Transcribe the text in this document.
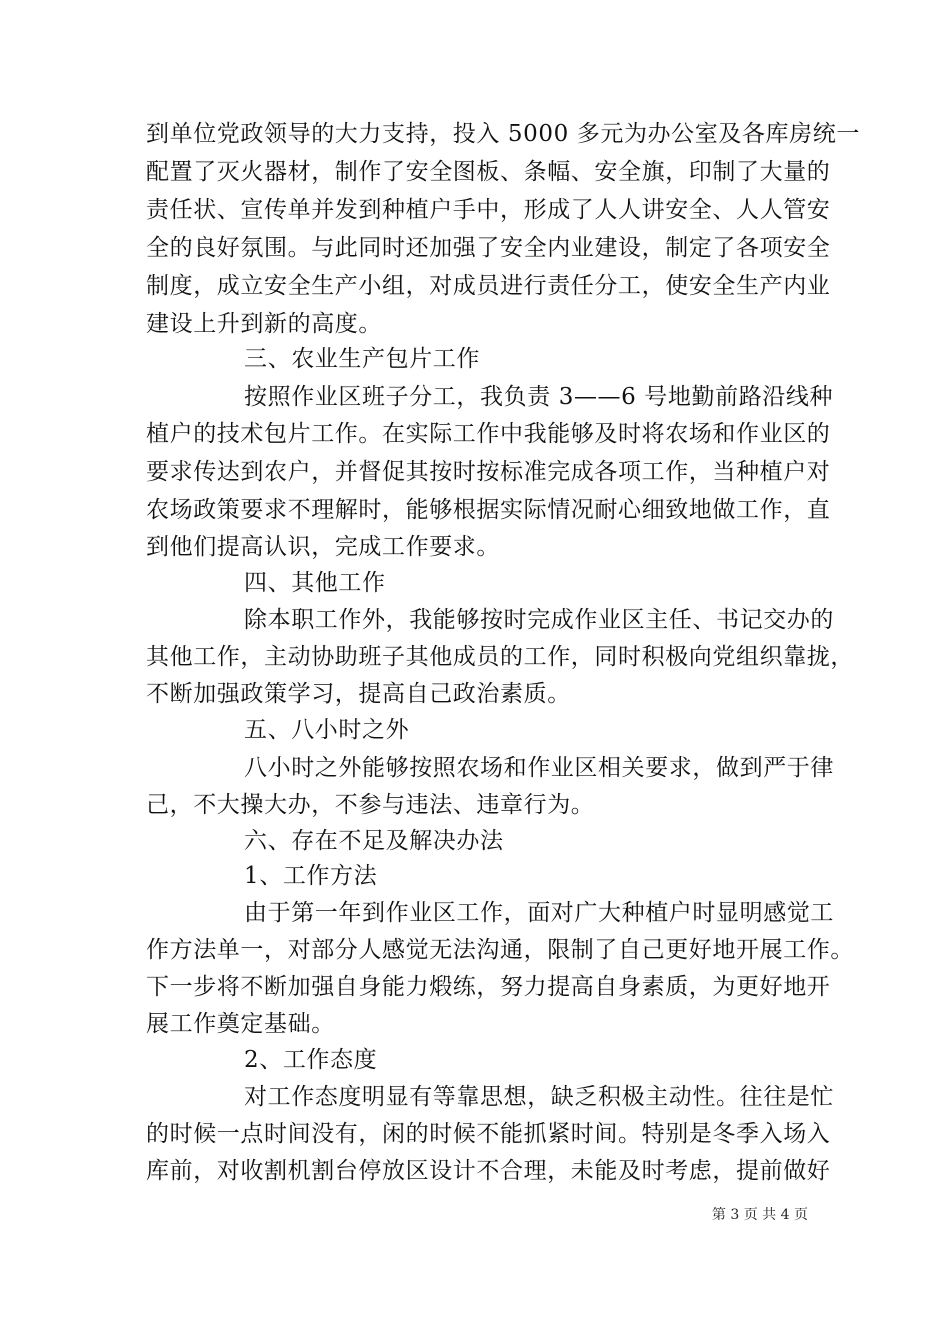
到单位党政领导的大力支持，投入 5000 多元为办公室及各库房统一
配置了灭火器材，制作了安全图板、条幅、安全旗，印制了大量的
责任状、宣传单并发到种植户手中，形成了人人讲安全、人人管安
全的良好氛围。与此同时还加强了安全内业建设，制定了各项安全
制度，成立安全生产小组，对成员进行责任分工，使安全生产内业
建设上升到新的高度。
三、农业生产包片工作
按照作业区班子分工，我负责 3——6 号地勤前路沿线种
植户的技术包片工作。在实际工作中我能够及时将农场和作业区的
要求传达到农户，并督促其按时按标准完成各项工作，当种植户对
农场政策要求不理解时，能够根据实际情况耐心细致地做工作，直
到他们提高认识，完成工作要求。
四、其他工作
除本职工作外，我能够按时完成作业区主任、书记交办的
其他工作，主动协助班子其他成员的工作，同时积极向党组织靠拢，
不断加强政策学习，提高自己政治素质。
五、八小时之外
八小时之外能够按照农场和作业区相关要求，做到严于律
己，不大操大办，不参与违法、违章行为。
六、存在不足及解决办法
1、工作方法
由于第一年到作业区工作，面对广大种植户时显明感觉工
作方法单一，对部分人感觉无法沟通，限制了自己更好地开展工作。
下一步将不断加强自身能力煅练，努力提高自身素质，为更好地开
展工作奠定基础。
2、工作态度
对工作态度明显有等靠思想，缺乏积极主动性。往往是忙
的时候一点时间没有，闲的时候不能抓紧时间。特别是冬季入场入
库前，对收割机割台停放区设计不合理，未能及时考虑，提前做好
第 3 页 共 4 页
